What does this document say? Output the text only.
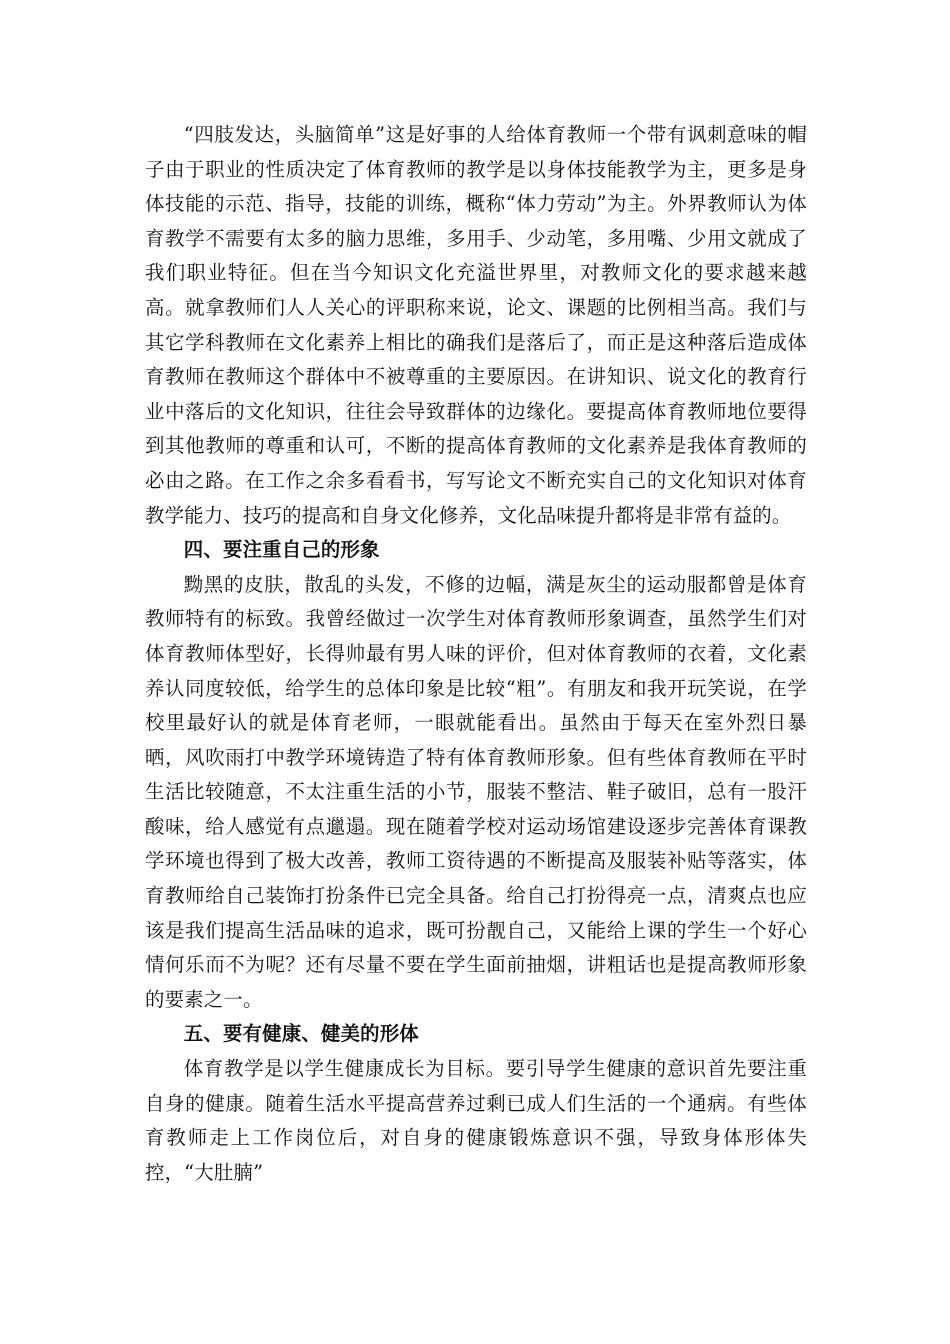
“四肢发达，头脑简单”这是好事的人给体育教师一个带有讽刺意味的帽子由于职业的性质决定了体育教师的教学是以身体技能教学为主，更多是身体技能的示范、指导，技能的训练，概称“体力劳动”为主。外界教师认为体育教学不需要有太多的脑力思维，多用手、少动笔，多用嘴、少用文就成了我们职业特征。但在当今知识文化充溢世界里，对教师文化的要求越来越高。就拿教师们人人关心的评职称来说，论文、课题的比例相当高。我们与其它学科教师在文化素养上相比的确我们是落后了，而正是这种落后造成体育教师在教师这个群体中不被尊重的主要原因。在讲知识、说文化的教育行业中落后的文化知识，往往会导致群体的边缘化。要提高体育教师地位要得到其他教师的尊重和认可，不断的提高体育教师的文化素养是我体育教师的必由之路。在工作之余多看看书，写写论文不断充实自己的文化知识对体育教学能力、技巧的提高和自身文化修养，文化品味提升都将是非常有益的。

四、要注重自己的形象

黝黑的皮肤，散乱的头发，不修的边幅，满是灰尘的运动服都曾是体育教师特有的标致。我曾经做过一次学生对体育教师形象调查，虽然学生们对体育教师体型好，长得帅最有男人味的评价，但对体育教师的衣着，文化素养认同度较低，给学生的总体印象是比较“粗”。有朋友和我开玩笑说，在学校里最好认的就是体育老师，一眼就能看出。虽然由于每天在室外烈日暴晒，风吹雨打中教学环境铸造了特有体育教师形象。但有些体育教师在平时生活比较随意，不太注重生活的小节，服装不整洁、鞋子破旧，总有一股汗酸味，给人感觉有点邋遢。现在随着学校对运动场馆建设逐步完善体育课教学环境也得到了极大改善，教师工资待遇的不断提高及服装补贴等落实，体育教师给自己装饰打扮条件已完全具备。给自己打扮得亮一点，清爽点也应该是我们提高生活品味的追求，既可扮靓自己，又能给上课的学生一个好心情何乐而不为呢？还有尽量不要在学生面前抽烟，讲粗话也是提高教师形象的要素之一。

五、要有健康、健美的形体

体育教学是以学生健康成长为目标。要引导学生健康的意识首先要注重自身的健康。随着生活水平提高营养过剩已成人们生活的一个通病。有些体育教师走上工作岗位后，对自身的健康锻炼意识不强，导致身体形体失控，“大肚腩”
